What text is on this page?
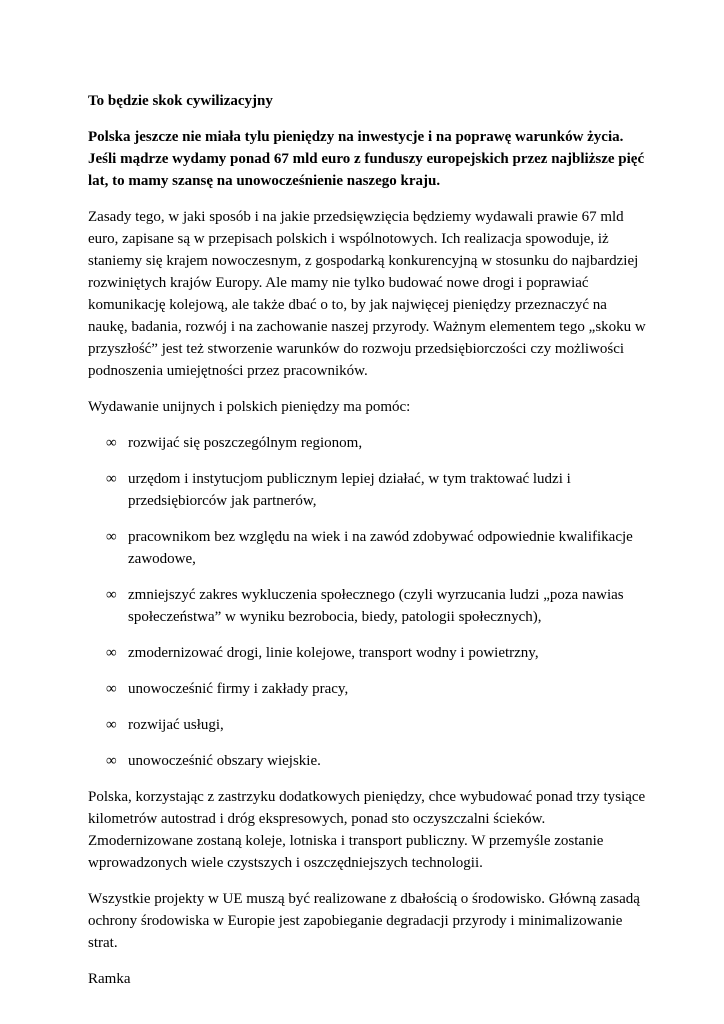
To będzie skok cywilizacyjny

Polska jeszcze nie miała tylu pieniędzy na inwestycje i na poprawę warunków życia. Jeśli mądrze wydamy ponad 67 mld euro z funduszy europejskich przez najbliższe pięć lat, to mamy szansę na unowocześnienie naszego kraju.

Zasady tego, w jaki sposób i na jakie przedsięwzięcia będziemy wydawali prawie 67 mld euro, zapisane są w przepisach polskich i wspólnotowych. Ich realizacja spowoduje, iż staniemy się krajem nowoczesnym, z gospodarką konkurencyjną w stosunku do najbardziej rozwiniętych krajów Europy. Ale mamy nie tylko budować nowe drogi i poprawiać komunikację kolejową, ale także dbać o to, by jak najwięcej pieniędzy przeznaczyć na naukę, badania, rozwój i na zachowanie naszej przyrody. Ważnym elementem tego „skoku w przyszłość” jest też stworzenie warunków do rozwoju przedsiębiorczości czy możliwości podnoszenia umiejętności przez pracowników.

Wydawanie unijnych i polskich pieniędzy ma pomóc:

∞ rozwijać się poszczególnym regionom,
∞ urzędom i instytucjom publicznym lepiej działać, w tym traktować ludzi i przedsiębiorców jak partnerów,
∞ pracownikom bez względu na wiek i na zawód zdobywać odpowiednie kwalifikacje zawodowe,
∞ zmniejszyć zakres wykluczenia społecznego (czyli wyrzucania ludzi „poza nawias społeczeństwa” w wyniku bezrobocia, biedy, patologii społecznych),
∞ zmodernizować drogi, linie kolejowe, transport wodny i powietrzny,
∞ unowocześnić firmy i zakłady pracy,
∞ rozwijać usługi,
∞ unowocześnić obszary wiejskie.

Polska, korzystając z zastrzyku dodatkowych pieniędzy, chce wybudować ponad trzy tysiące kilometrów autostrad i dróg ekspresowych, ponad sto oczyszczalni ścieków. Zmodernizowane zostaną koleje, lotniska i transport publiczny. W przemyśle zostanie wprowadzonych wiele czystszych i oszczędniejszych technologii.

Wszystkie projekty w UE muszą być realizowane z dbałością o środowisko. Główną zasadą ochrony środowiska w Europie jest zapobieganie degradacji przyrody i minimalizowanie strat.

Ramka
